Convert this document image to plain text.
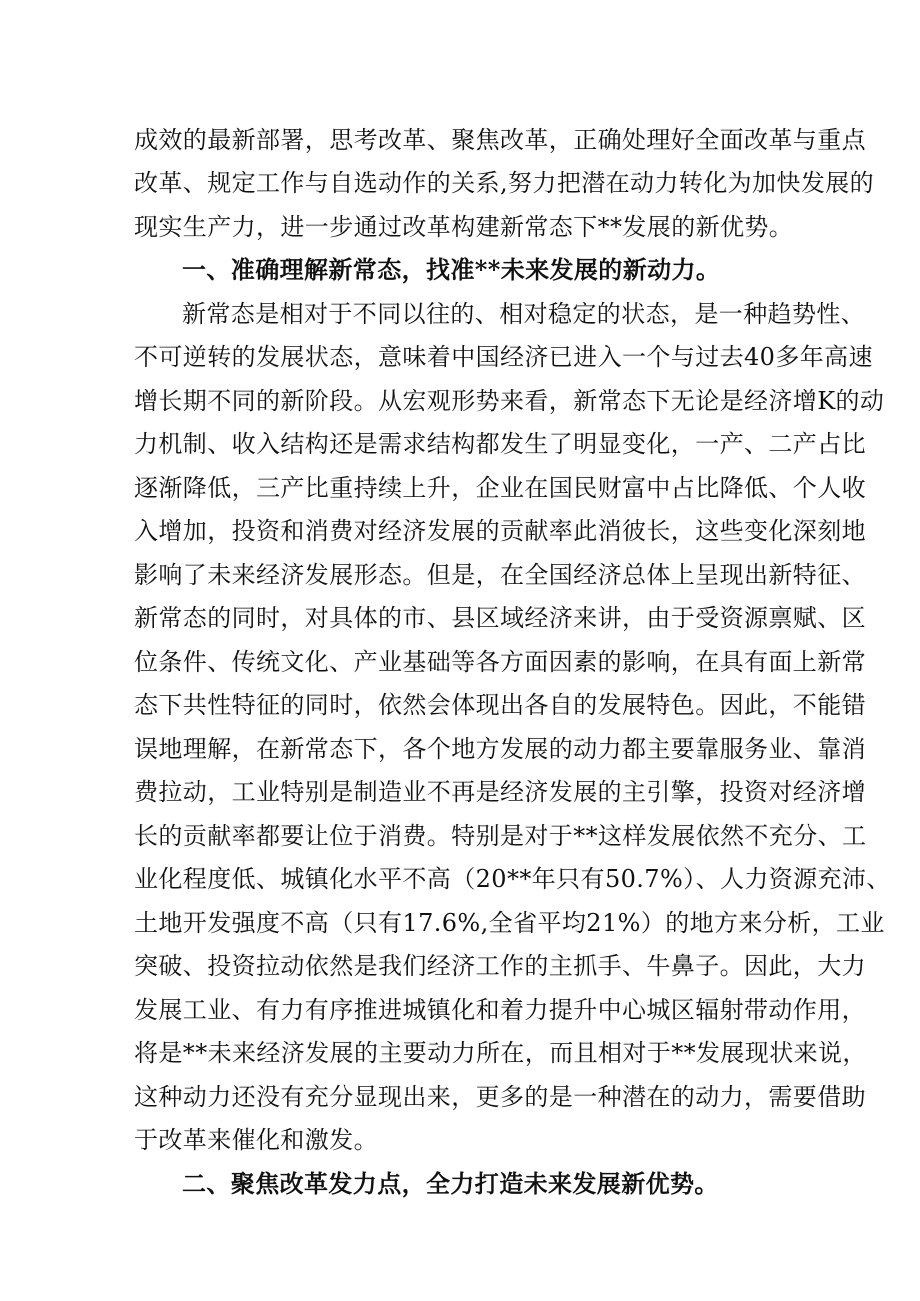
成效的最新部署，思考改革、聚焦改革，正确处理好全面改革与重点
改革、规定工作与自选动作的关系,努力把潜在动力转化为加快发展的
现实生产力，进一步通过改革构建新常态下**发展的新优势。
一、准确理解新常态，找准**未来发展的新动力。
新常态是相对于不同以往的、相对稳定的状态，是一种趋势性、
不可逆转的发展状态，意味着中国经济已进入一个与过去40多年高速
增长期不同的新阶段。从宏观形势来看，新常态下无论是经济增K的动
力机制、收入结构还是需求结构都发生了明显变化，一产、二产占比
逐渐降低，三产比重持续上升，企业在国民财富中占比降低、个人收
入增加，投资和消费对经济发展的贡献率此消彼长，这些变化深刻地
影响了未来经济发展形态。但是，在全国经济总体上呈现出新特征、
新常态的同时，对具体的市、县区域经济来讲，由于受资源禀赋、区
位条件、传统文化、产业基础等各方面因素的影响，在具有面上新常
态下共性特征的同时，依然会体现出各自的发展特色。因此，不能错
误地理解，在新常态下，各个地方发展的动力都主要靠服务业、靠消
费拉动，工业特别是制造业不再是经济发展的主引擎，投资对经济增
长的贡献率都要让位于消费。特别是对于**这样发展依然不充分、工
业化程度低、城镇化水平不高（20**年只有50.7%）、人力资源充沛、
土地开发强度不高（只有17.6%,全省平均21%）的地方来分析，工业
突破、投资拉动依然是我们经济工作的主抓手、牛鼻子。因此，大力
发展工业、有力有序推进城镇化和着力提升中心城区辐射带动作用，
将是**未来经济发展的主要动力所在，而且相对于**发展现状来说，
这种动力还没有充分显现出来，更多的是一种潜在的动力，需要借助
于改革来催化和激发。
二、聚焦改革发力点，全力打造未来发展新优势。
